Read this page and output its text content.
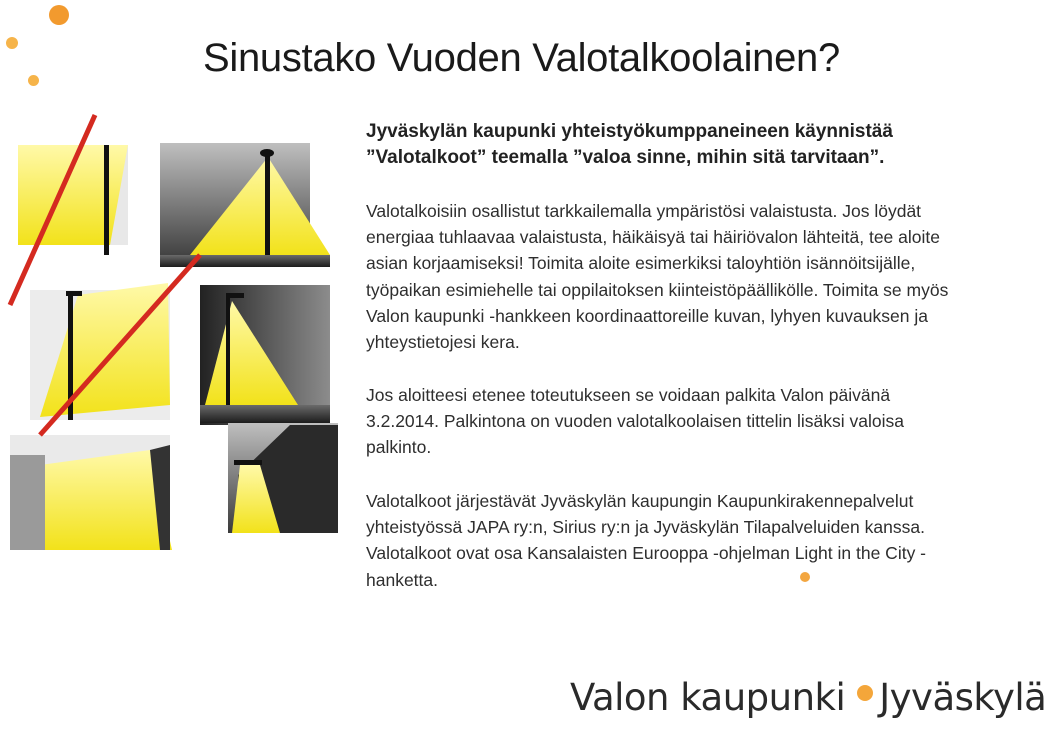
Sinustako Vuoden Valotalkoolainen?
Jyväskylän kaupunki yhteistyökumppaneineen käynnistää
”Valotalkoot” teemalla ”valoa sinne, mihin sitä tarvitaan”.
Valotalkoisiin osallistut tarkkailemalla ympäristösi valaistusta. Jos löydät energiaa tuhlaavaa valaistusta, häikäisyä tai häiriövalon lähteitä, tee aloite asian korjaamiseksi! Toimita aloite esimerkiksi taloyhtiön isännöitsijälle, työpaikan esimiehelle tai oppilaitoksen kiinteistöpäällikölle. Toimita se myös Valon kaupunki -hankkeen koordinaattoreille kuvan, lyhyen kuvauksen ja yhteystietojesi kera.
Jos aloitteesi etenee toteutukseen se voidaan palkita Valon päivänä 3.2.2014. Palkintona on vuoden valotalkoolaisen tittelin lisäksi valoisa palkinto.
Valotalkoot järjestävät Jyväskylän kaupungin Kaupunkirakennepalvelut yhteistyössä JAPA ry:n, Sirius ry:n ja Jyväskylän Tilapalveluiden kanssa. Valotalkoot ovat osa Kansalaisten Eurooppa -ohjelman Light in the City -hanketta.
Valon kaupunki Jyväskylä
